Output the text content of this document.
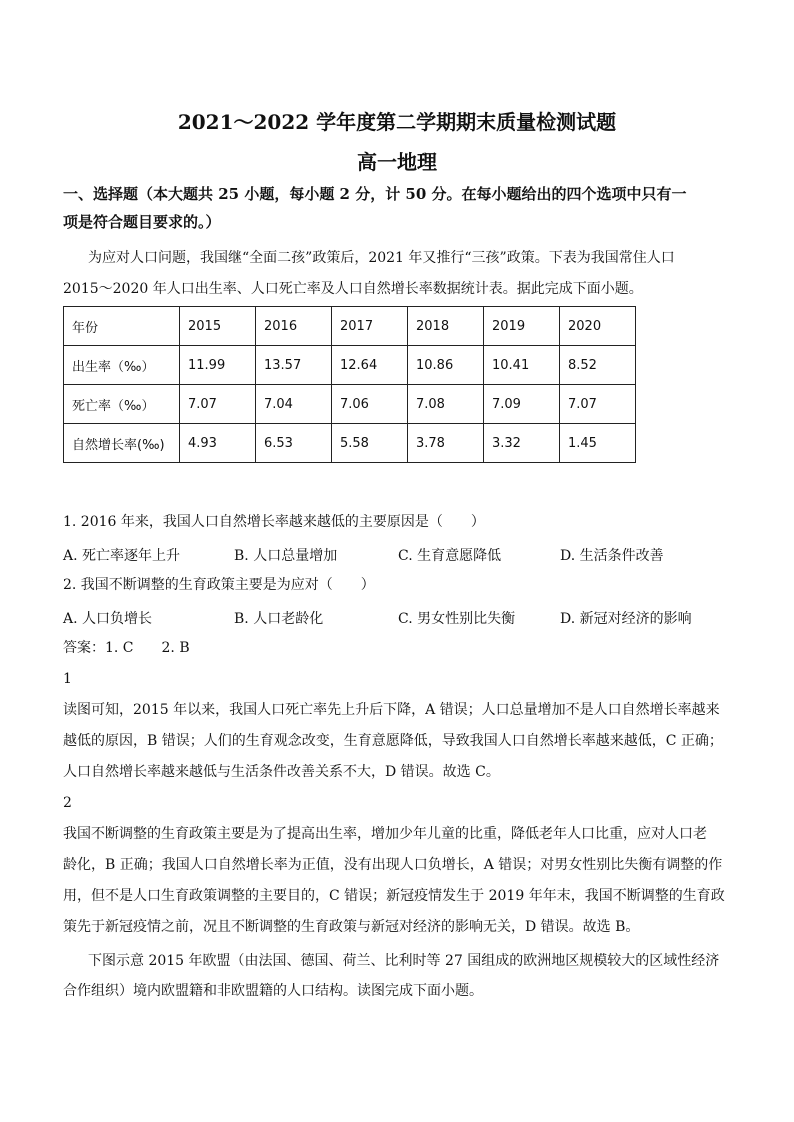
2021～2022 学年度第二学期期末质量检测试题
高一地理
一、选择题（本大题共 25 小题，每小题 2 分，计 50 分。在每小题给出的四个选项中只有一
项是符合题目要求的。）
为应对人口问题，我国继“全面二孩”政策后，2021 年又推行“三孩”政策。下表为我国常住人口
2015～2020 年人口出生率、人口死亡率及人口自然增长率数据统计表。据此完成下面小题。
年份	2015	2016	2017	2018	2019	2020
出生率（‰）	11.99	13.57	12.64	10.86	10.41	8.52
死亡率（‰）	7.07	7.04	7.06	7.08	7.09	7.07
自然增长率(‰)	4.93	6.53	5.58	3.78	3.32	1.45
1. 2016 年来，我国人口自然增长率越来越低的主要原因是（　　）
A. 死亡率逐年上升	B. 人口总量增加	C. 生育意愿降低	D. 生活条件改善
2. 我国不断调整的生育政策主要是为应对（　　）
A. 人口负增长	B. 人口老龄化	C. 男女性别比失衡	D. 新冠对经济的影响
答案：1. C　　2. B
1
读图可知，2015 年以来，我国人口死亡率先上升后下降，A 错误；人口总量增加不是人口自然增长率越来
越低的原因，B 错误；人们的生育观念改变，生育意愿降低，导致我国人口自然增长率越来越低，C 正确；
人口自然增长率越来越低与生活条件改善关系不大，D 错误。故选 C。
2
我国不断调整的生育政策主要是为了提高出生率，增加少年儿童的比重，降低老年人口比重，应对人口老
龄化，B 正确；我国人口自然增长率为正值，没有出现人口负增长，A 错误；对男女性别比失衡有调整的作
用，但不是人口生育政策调整的主要目的，C 错误；新冠疫情发生于 2019 年年末，我国不断调整的生育政
策先于新冠疫情之前，况且不断调整的生育政策与新冠对经济的影响无关，D 错误。故选 B。
下图示意 2015 年欧盟（由法国、德国、荷兰、比利时等 27 国组成的欧洲地区规模较大的区域性经济
合作组织）境内欧盟籍和非欧盟籍的人口结构。读图完成下面小题。
